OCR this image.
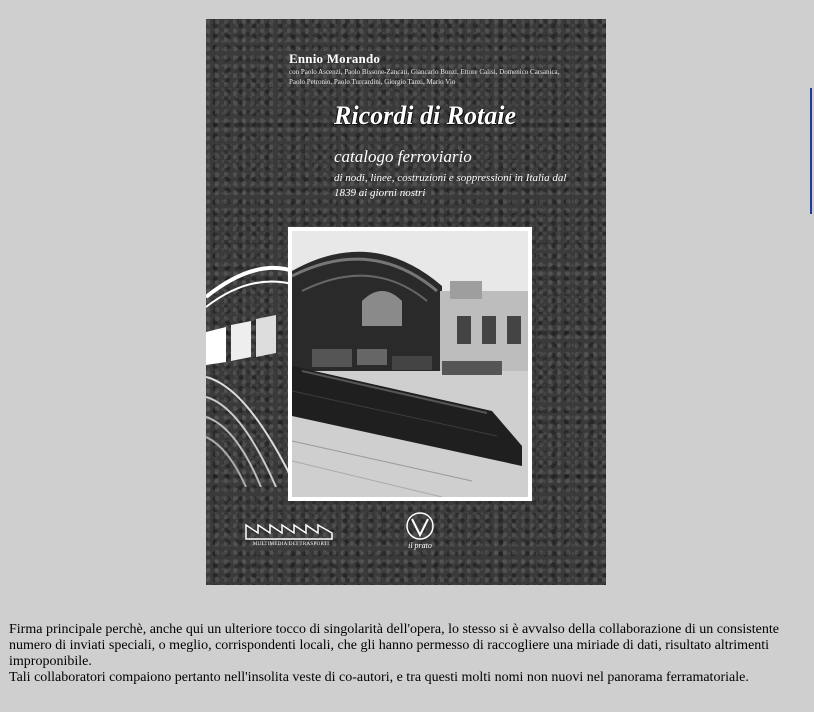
Ennio Morando
con Paolo Ascenzi, Paolo Bissone-Zancati, Giancarlo Bonzi, Ettore Calisi, Domenico Carsanica, Paolo Petronio, Paolo Turcardini, Giorgio Tanzi, Mario Vio
Ricordi di Rotaie
catalogo ferroviario
di nodi, linee, costruzioni e soppressioni in Italia dal 1839 ai giorni nostri
MULTIMEDIA DEI TRASPORTI	il prato

Firma principale perchè, anche qui un ulteriore tocco di singolarità dell'opera, lo stesso si è avvalso della collaborazione di un consistente numero di inviati speciali, o meglio, corrispondenti locali, che gli hanno permesso di raccogliere una miriade di dati, risultato altrimenti improponibile.

Tali collaboratori compaiono pertanto nell'insolita veste di co-autori, e tra questi molti nomi non nuovi nel panorama ferramatoriale.
